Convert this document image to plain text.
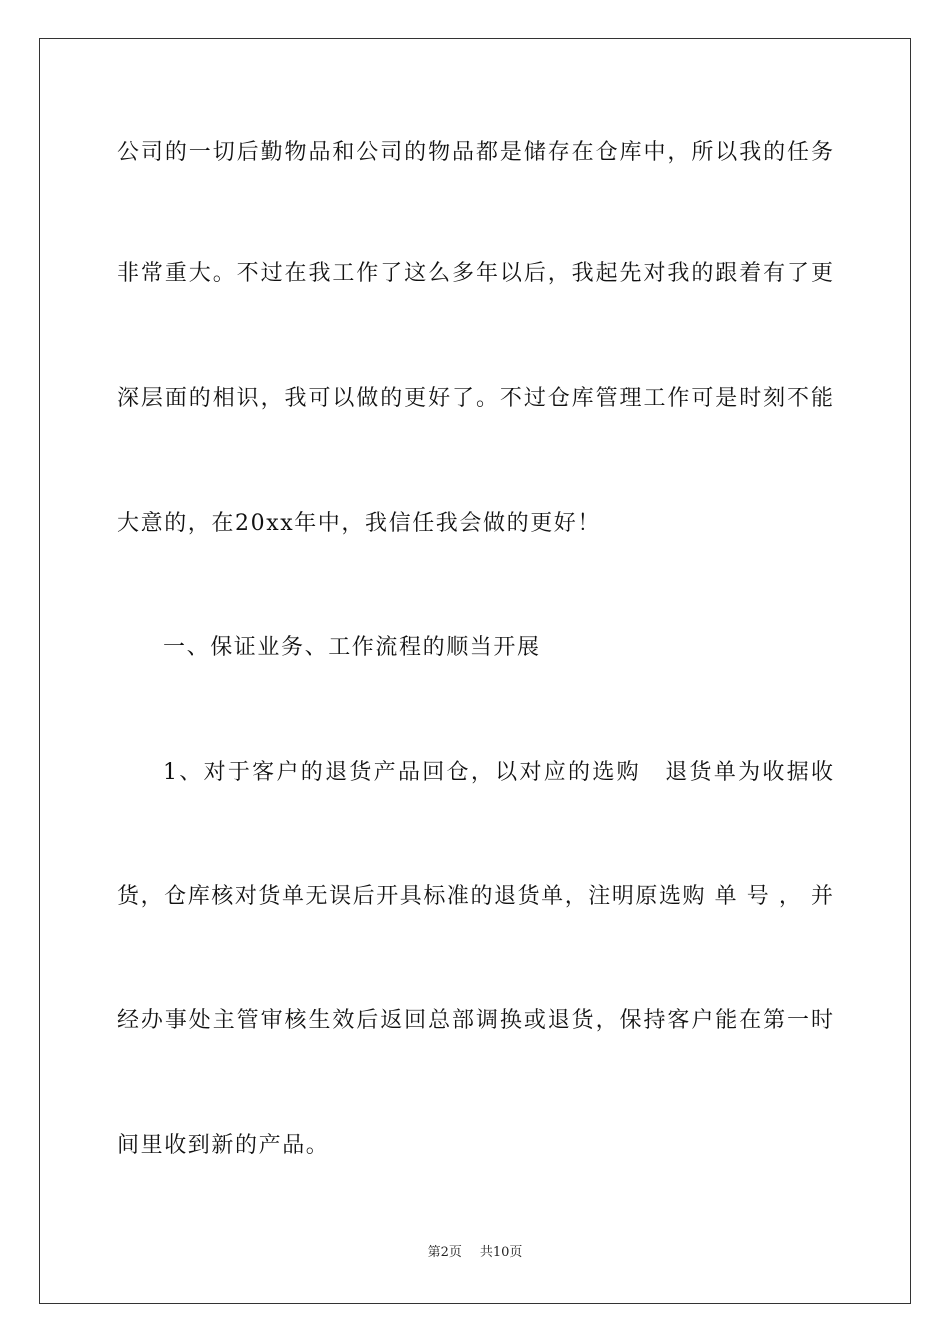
公司的一切后勤物品和公司的物品都是储存在仓库中，所以我的任务
非常重大。不过在我工作了这么多年以后，我起先对我的跟着有了更
深层面的相识，我可以做的更好了。不过仓库管理工作可是时刻不能
大意的，在20xx年中，我信任我会做的更好！
一、保证业务、工作流程的顺当开展
1、对于客户的退货产品回仓，以对应的选购　退货单为收据收
货，仓库核对货单无误后开具标准的退货单，注明原选购 单 号 ， 并
经办事处主管审核生效后返回总部调换或退货，保持客户能在第一时
间里收到新的产品。
第2页 共10页
